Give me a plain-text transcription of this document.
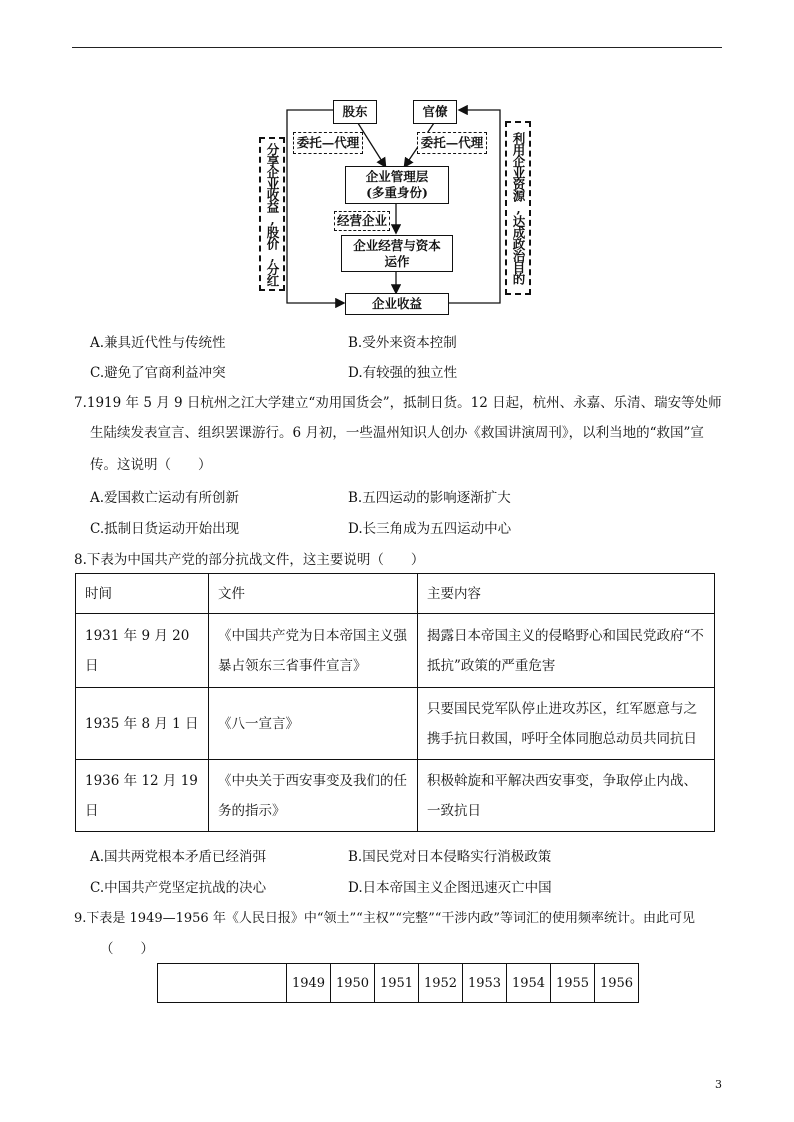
股东	官僚
委托—代理	委托—代理
企业管理层
(多重身份)
经营企业
企业经营与资本
运作
企业收益
分享企业收益,股价,分红	利用企业资源,达成政治目的
A.兼具近代性与传统性	B.受外来资本控制
C.避免了官商利益冲突	D.有较强的独立性
7.1919 年 5 月 9 日杭州之江大学建立“劝用国货会”，抵制日货。12 日起，杭州、永嘉、乐清、瑞安等处师
生陆续发表宣言、组织罢课游行。6 月初，一些温州知识人创办《救国讲演周刊》，以利当地的“救国”宣
传。这说明（　　）
A.爱国救亡运动有所创新	B.五四运动的影响逐渐扩大
C.抵制日货运动开始出现	D.长三角成为五四运动中心
8.下表为中国共产党的部分抗战文件，这主要说明（　　）
时间	文件	主要内容
1931 年 9 月 20 日	《中国共产党为日本帝国主义强暴占领东三省事件宣言》	揭露日本帝国主义的侵略野心和国民党政府“不抵抗”政策的严重危害
1935 年 8 月 1 日	《八一宣言》	只要国民党军队停止进攻苏区，红军愿意与之携手抗日救国，呼吁全体同胞总动员共同抗日
1936 年 12 月 19 日	《中央关于西安事变及我们的任务的指示》	积极斡旋和平解决西安事变，争取停止内战、一致抗日
A.国共两党根本矛盾已经消弭	B.国民党对日本侵略实行消极政策
C.中国共产党坚定抗战的决心	D.日本帝国主义企图迅速灭亡中国
9.下表是 1949—1956 年《人民日报》中“领土”“主权”“完整”“干涉内政”等词汇的使用频率统计。由此可见
（　　）
	1949	1950	1951	1952	1953	1954	1955	1956
3
